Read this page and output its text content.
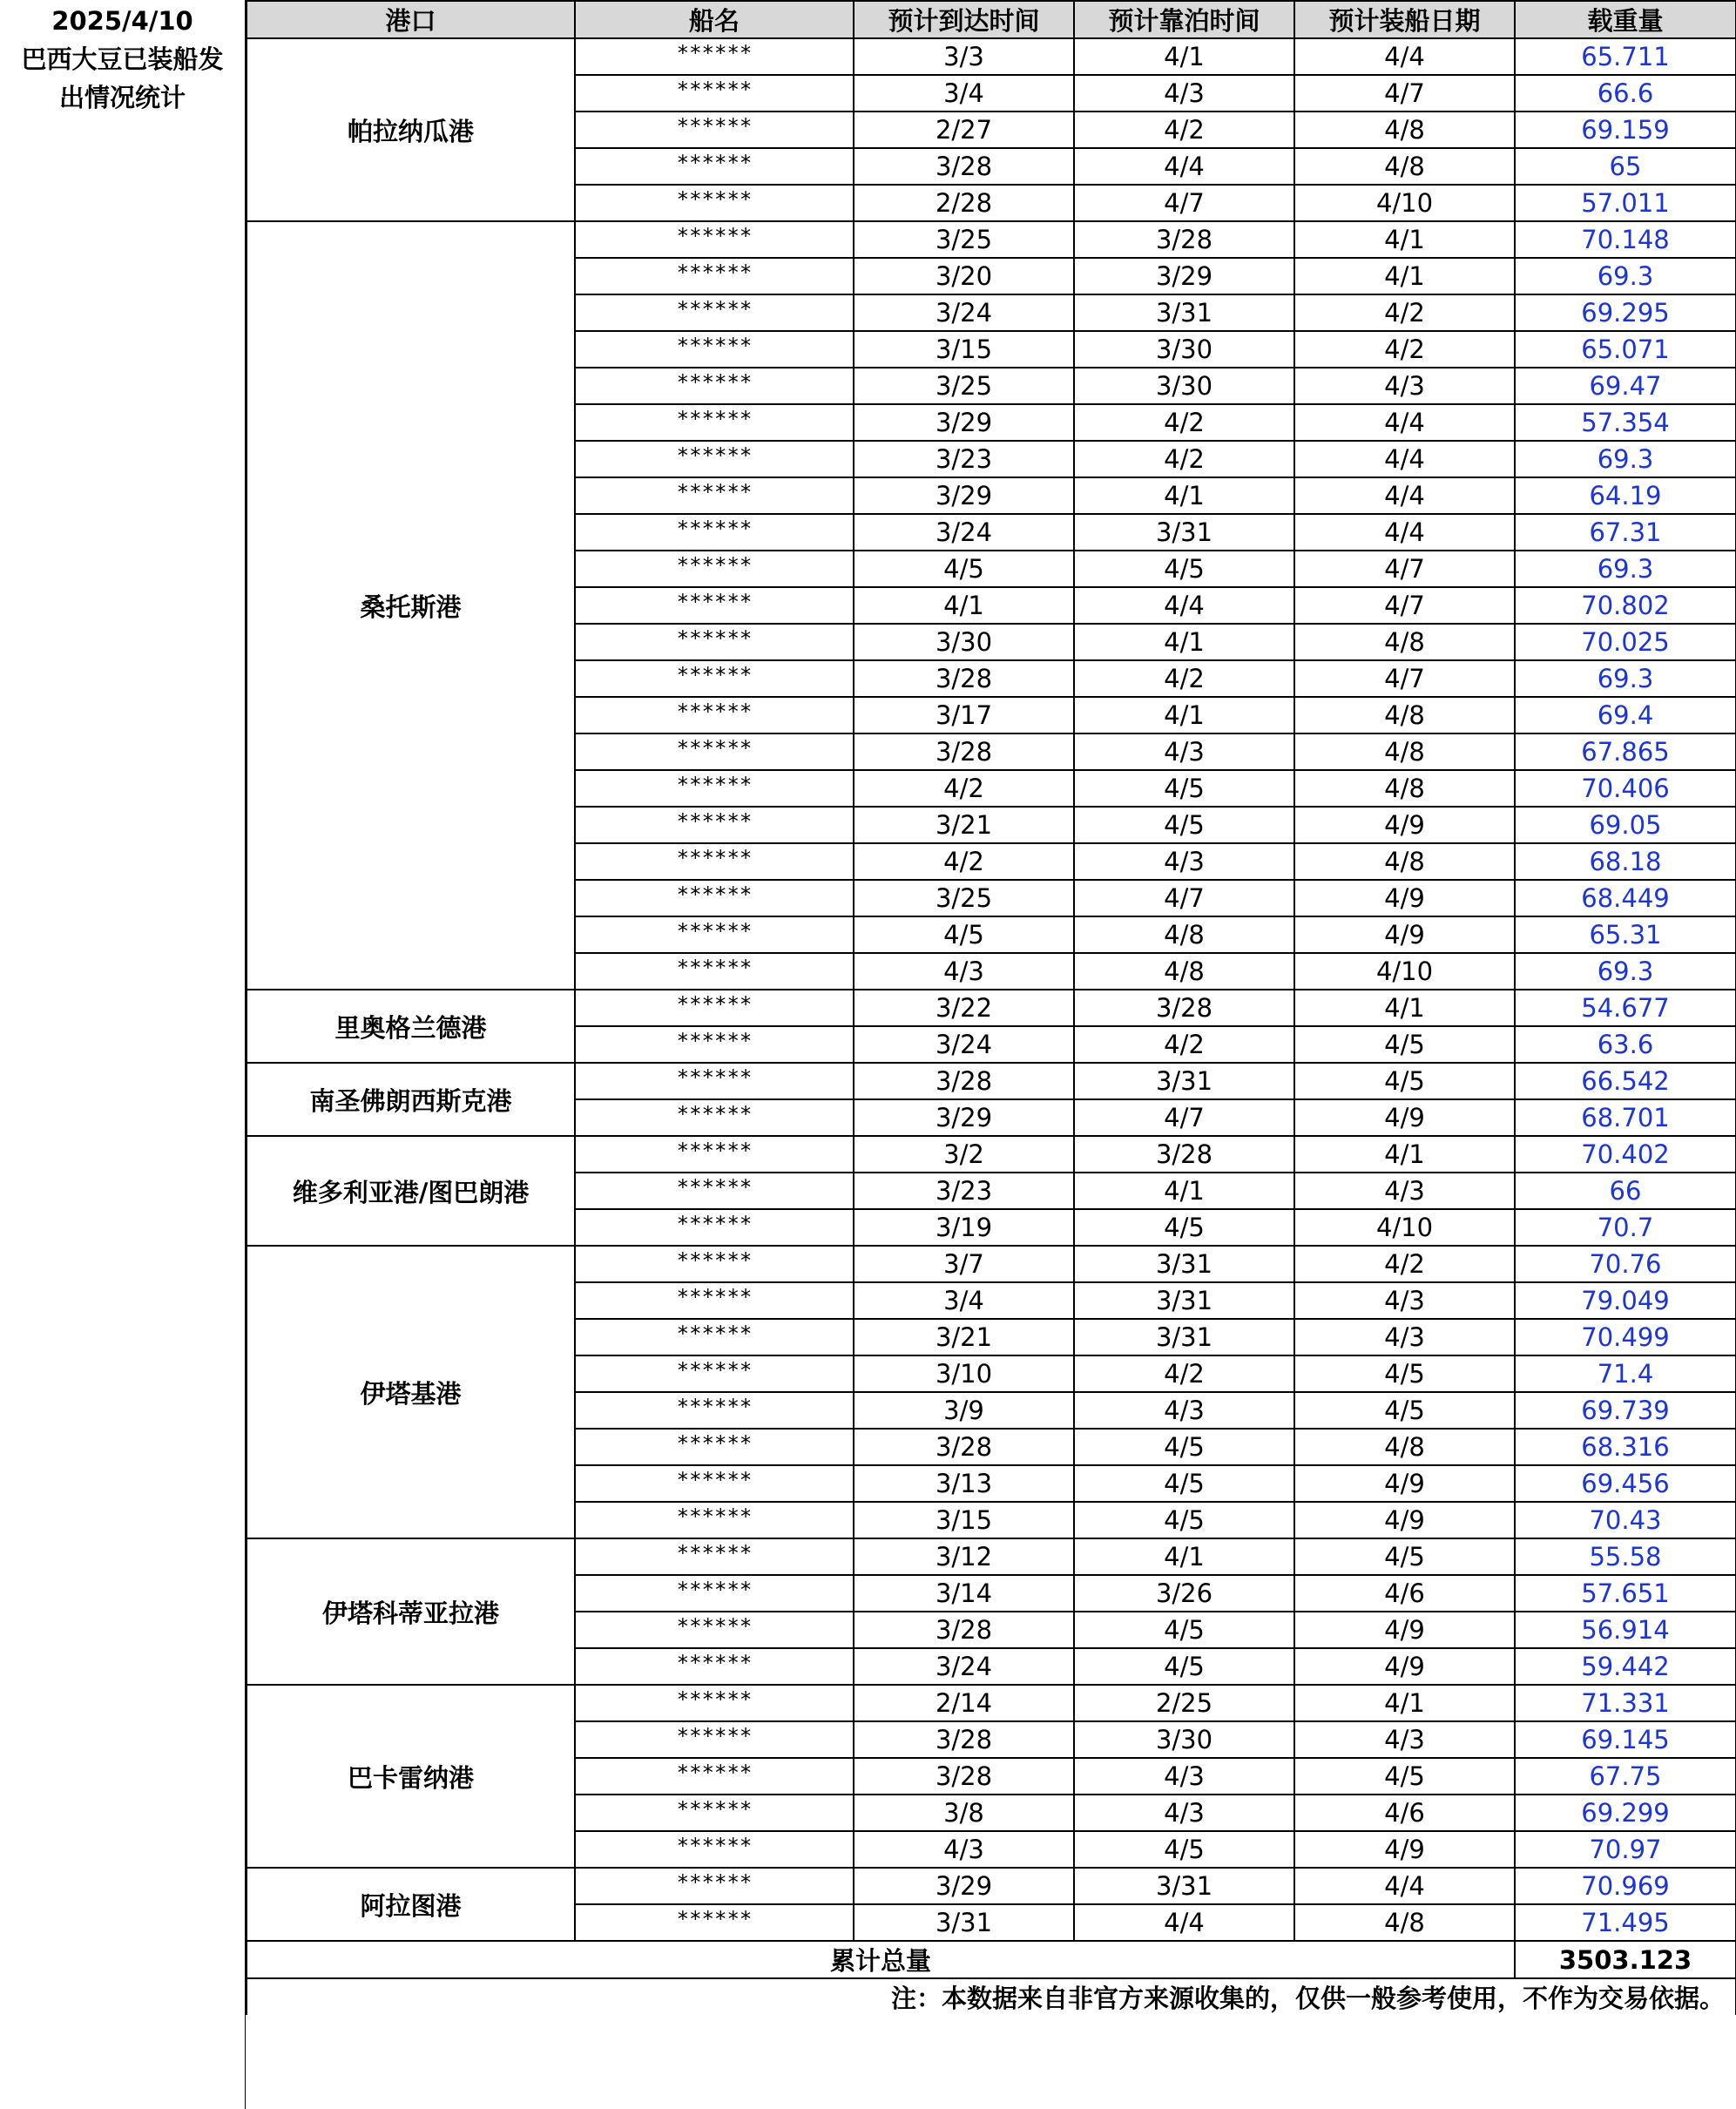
2025/4/10
巴西大豆已装船发
出情况统计
港口	船名	预计到达时间	预计靠泊时间	预计装船日期	载重量
帕拉纳瓜港	******	3/3	4/1	4/4	65.711
	******	3/4	4/3	4/7	66.6
	******	2/27	4/2	4/8	69.159
	******	3/28	4/4	4/8	65
	******	2/28	4/7	4/10	57.011
桑托斯港	******	3/25	3/28	4/1	70.148
	******	3/20	3/29	4/1	69.3
	******	3/24	3/31	4/2	69.295
	******	3/15	3/30	4/2	65.071
	******	3/25	3/30	4/3	69.47
	******	3/29	4/2	4/4	57.354
	******	3/23	4/2	4/4	69.3
	******	3/29	4/1	4/4	64.19
	******	3/24	3/31	4/4	67.31
	******	4/5	4/5	4/7	69.3
	******	4/1	4/4	4/7	70.802
	******	3/30	4/1	4/8	70.025
	******	3/28	4/2	4/7	69.3
	******	3/17	4/1	4/8	69.4
	******	3/28	4/3	4/8	67.865
	******	4/2	4/5	4/8	70.406
	******	3/21	4/5	4/9	69.05
	******	4/2	4/3	4/8	68.18
	******	3/25	4/7	4/9	68.449
	******	4/5	4/8	4/9	65.31
	******	4/3	4/8	4/10	69.3
里奥格兰德港	******	3/22	3/28	4/1	54.677
	******	3/24	4/2	4/5	63.6
南圣佛朗西斯克港	******	3/28	3/31	4/5	66.542
	******	3/29	4/7	4/9	68.701
维多利亚港/图巴朗港	******	3/2	3/28	4/1	70.402
	******	3/23	4/1	4/3	66
	******	3/19	4/5	4/10	70.7
伊塔基港	******	3/7	3/31	4/2	70.76
	******	3/4	3/31	4/3	79.049
	******	3/21	3/31	4/3	70.499
	******	3/10	4/2	4/5	71.4
	******	3/9	4/3	4/5	69.739
	******	3/28	4/5	4/8	68.316
	******	3/13	4/5	4/9	69.456
	******	3/15	4/5	4/9	70.43
伊塔科蒂亚拉港	******	3/12	4/1	4/5	55.58
	******	3/14	3/26	4/6	57.651
	******	3/28	4/5	4/9	56.914
	******	3/24	4/5	4/9	59.442
巴卡雷纳港	******	2/14	2/25	4/1	71.331
	******	3/28	3/30	4/3	69.145
	******	3/28	4/3	4/5	67.75
	******	3/8	4/3	4/6	69.299
	******	4/3	4/5	4/9	70.97
阿拉图港	******	3/29	3/31	4/4	70.969
	******	3/31	4/4	4/8	71.495
累计总量					3503.123
注：本数据来自非官方来源收集的，仅供一般参考使用，不作为交易依据。					
